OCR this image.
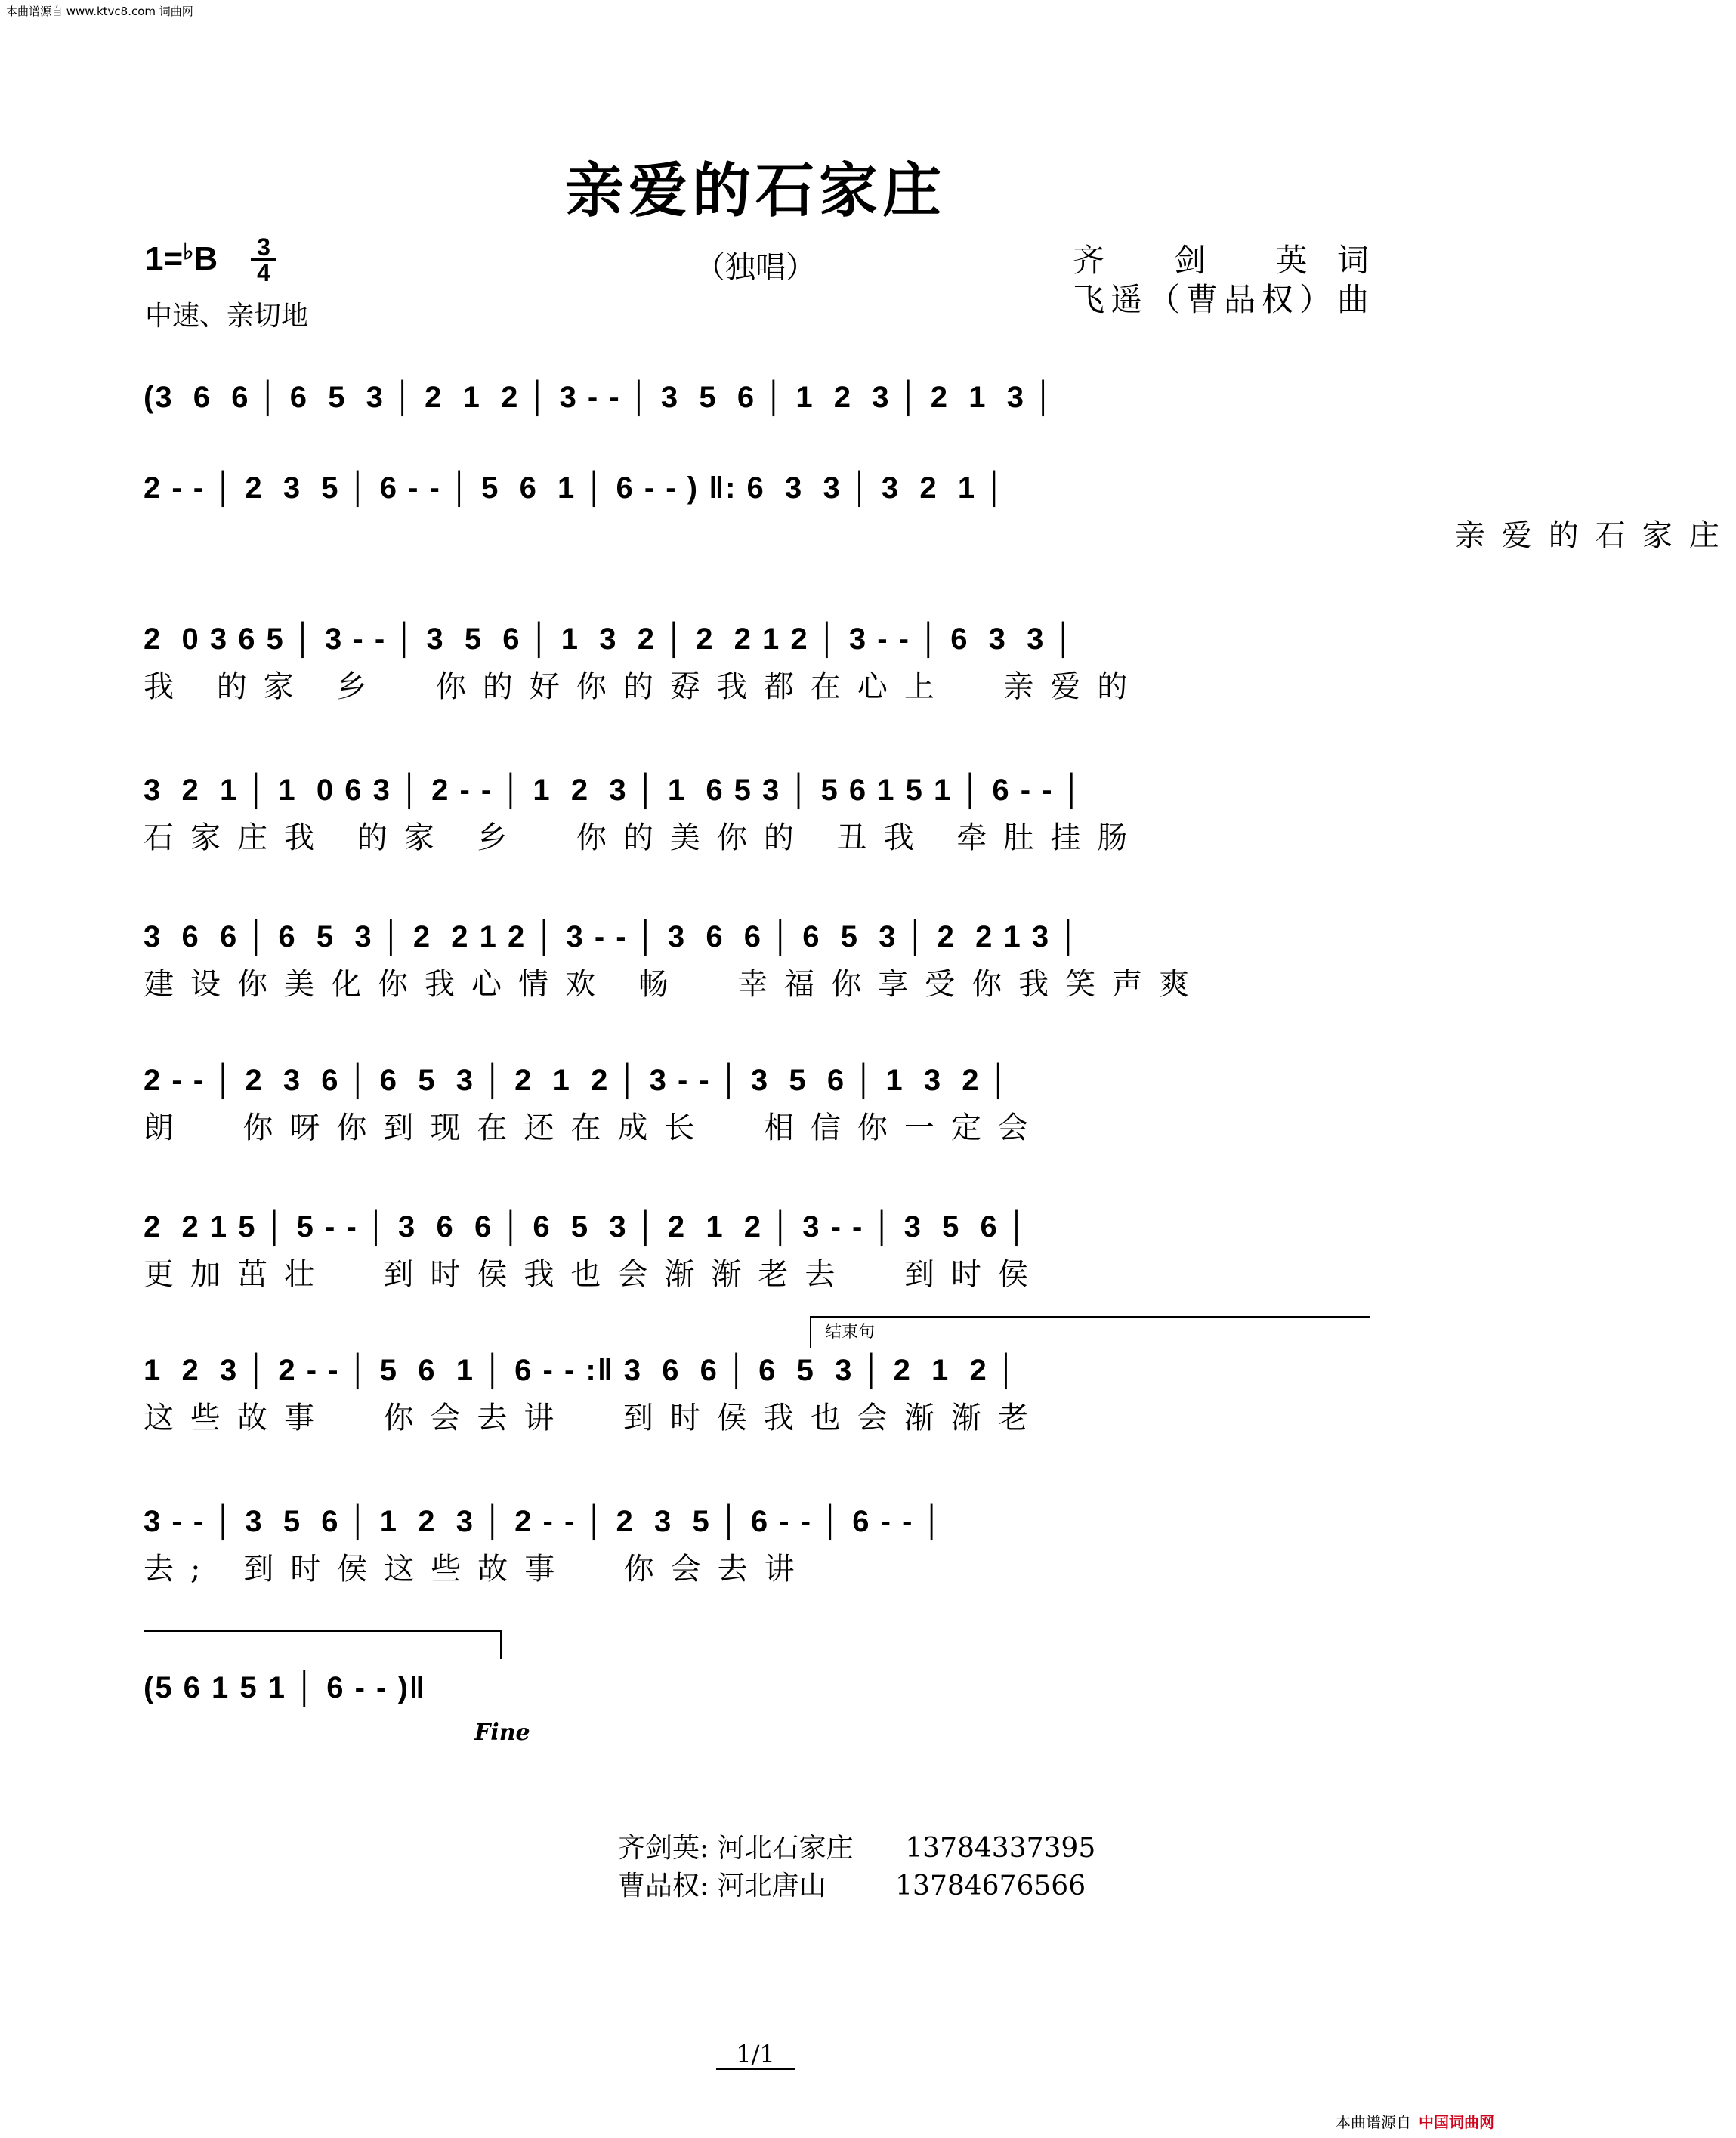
本曲谱源自 www.ktvc8.com 词曲网
亲爱的石家庄
1=♭B 3
4
中速、亲切地
（独唱）	齐 剑 英词
飞遥（曹品权）曲
(3  6  6 │ 6  5  3 │ 2  1  2 │ 3 - - │ 3  5  6 │ 1  2  3 │ 2  1  3 │
2 - - │ 2  3  5 │ 6 - - │ 5  6  1 │ 6 - - ) ‖: 6  3  3 │ 3  2  1 │
亲爱的石家庄
2  0 3 6 5 │ 3 - - │ 3  5  6 │ 1  3  2 │ 2  2 1 2 │ 3 - - │ 6  3  3 │
我 的家 乡  你的好你的孬我都在心上  亲爱的
3  2  1 │ 1  0 6 3 │ 2 - - │ 1  2  3 │ 1  6 5 3 │ 5 6 1 5 1 │ 6 - - │
石家庄我 的家 乡  你的美你的 丑我 牵肚挂肠
3  6  6 │ 6  5  3 │ 2  2 1 2 │ 3 - - │ 3  6  6 │ 6  5  3 │ 2  2 1 3 │
建设你美化你我心情欢 畅  幸福你享受你我笑声爽
2 - - │ 2  3  6 │ 6  5  3 │ 2  1  2 │ 3 - - │ 3  5  6 │ 1  3  2 │
朗  你呀你到现在还在成长  相信你一定会
2  2 1 5 │ 5 - - │ 3  6  6 │ 6  5  3 │ 2  1  2 │ 3 - - │ 3  5  6 │
更加茁壮  到时侯我也会渐渐老去  到时侯
结束句
1  2  3 │ 2 - - │ 5  6  1 │ 6 - - :‖ 3  6  6 │ 6  5  3 │ 2  1  2 │
这些故事  你会去讲  到时侯我也会渐渐老
3 - - │ 3  5  6 │ 1  2  3 │ 2 - - │ 2  3  5 │ 6 - - │ 6 - - │
去; 到时侯这些故事  你会去讲
(5 6 1 5 1 │ 6 - - )‖
Fine
齐剑英: 河北石家庄 13784337395
曹品权: 河北唐山	13784676566
1/1
本曲谱源自 中国词曲网
